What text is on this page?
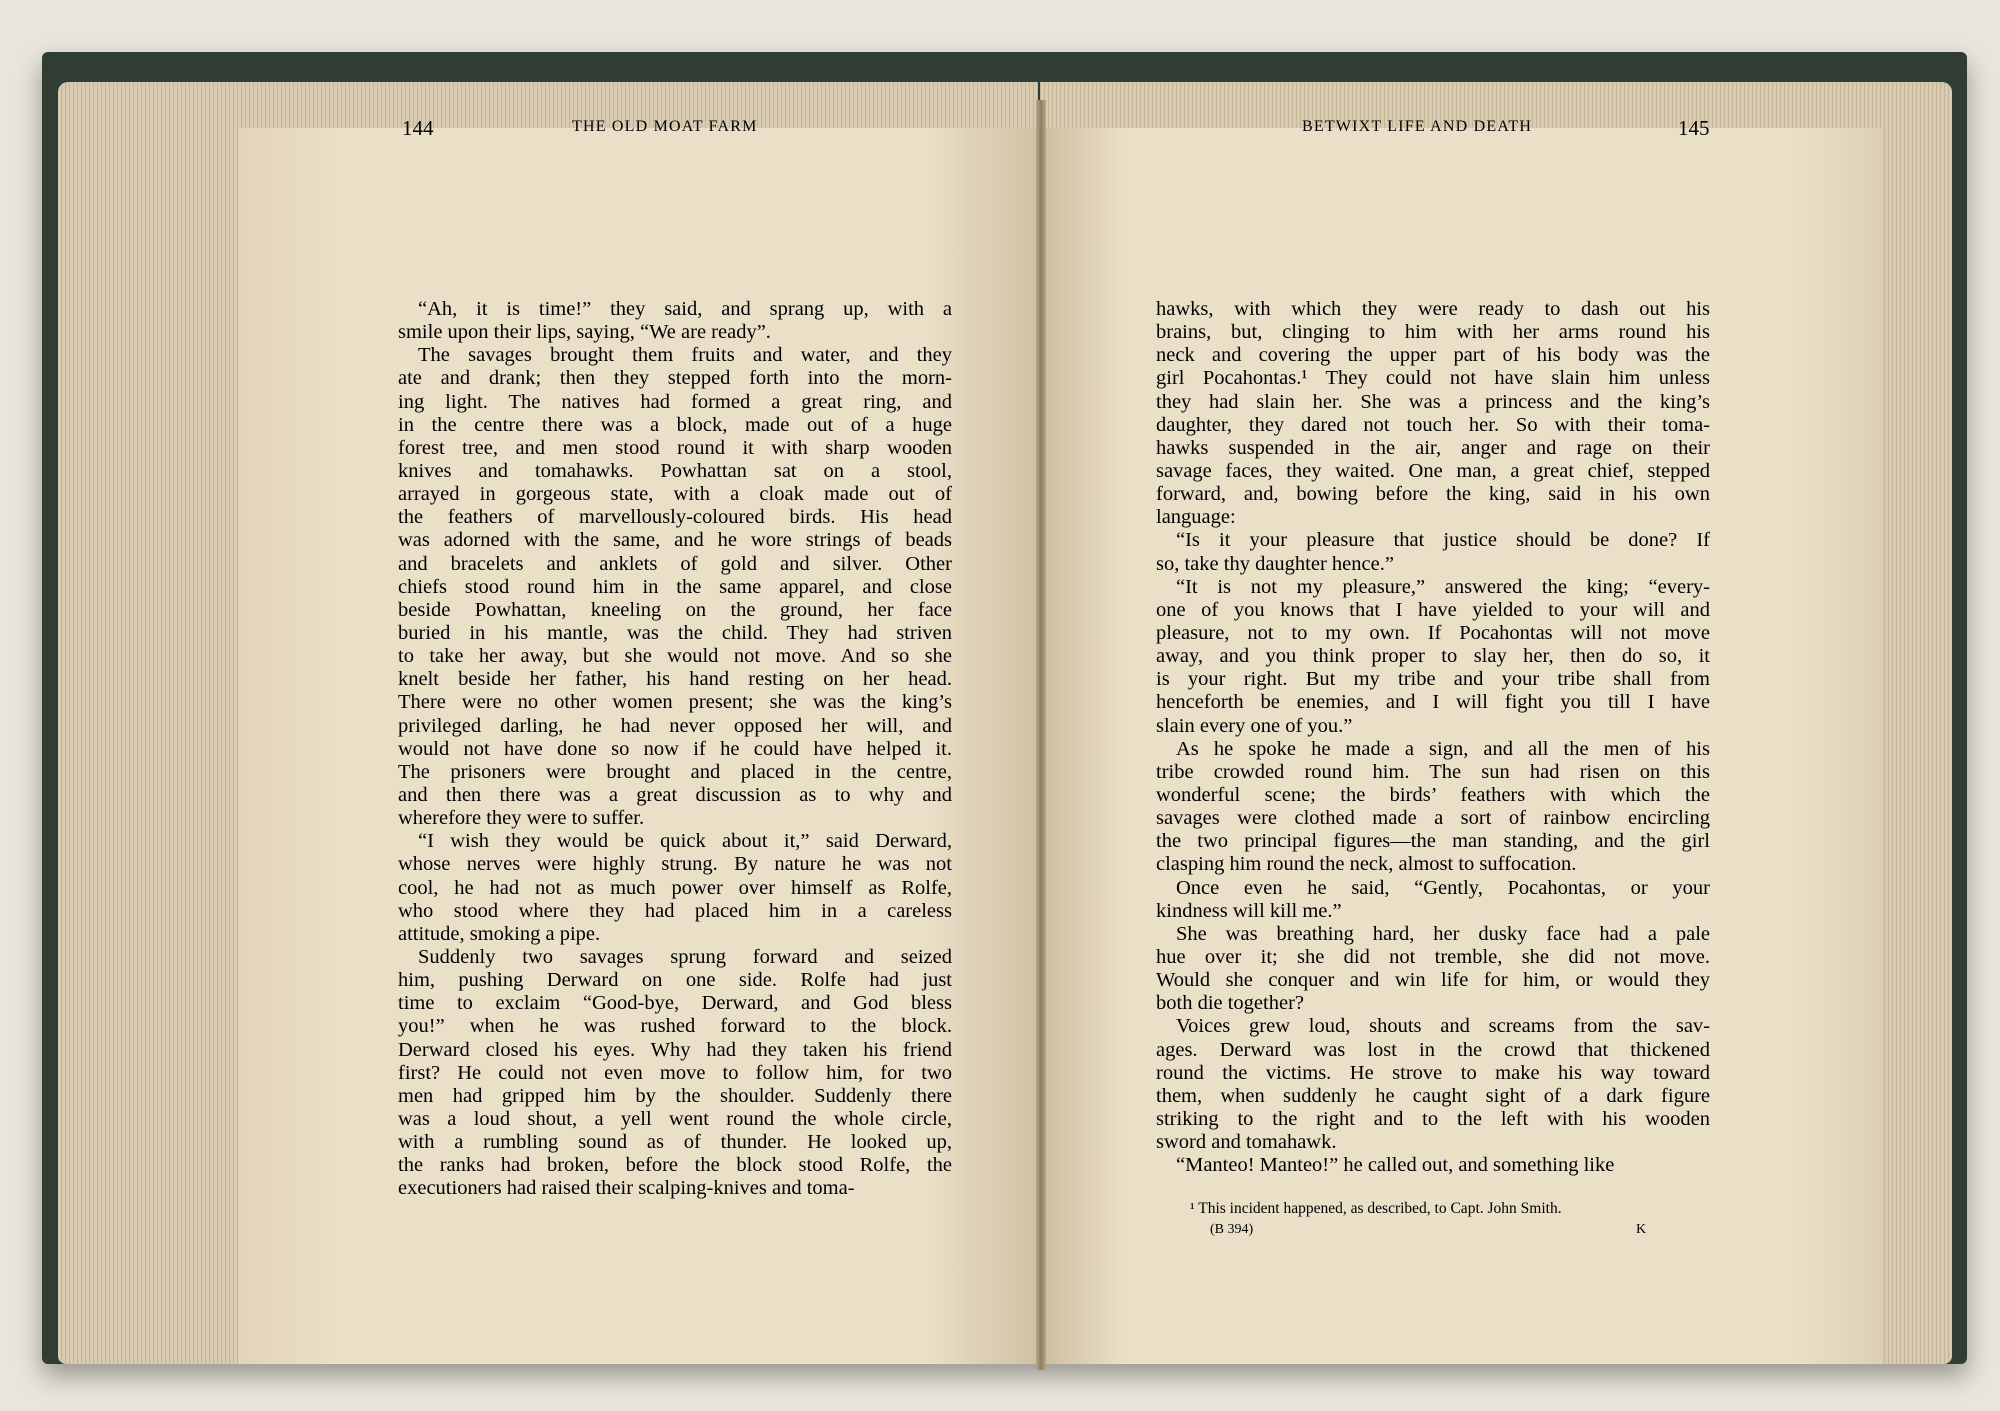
144	THE OLD MOAT FARM	BETWIXT LIFE AND DEATH	145
“Ah, it is time!” they said, and sprang up, with a
smile upon their lips, saying, “We are ready”.
The savages brought them fruits and water, and they
ate and drank; then they stepped forth into the morn-
ing light. The natives had formed a great ring, and
in the centre there was a block, made out of a huge
forest tree, and men stood round it with sharp wooden
knives and tomahawks. Powhattan sat on a stool,
arrayed in gorgeous state, with a cloak made out of
the feathers of marvellously-coloured birds. His head
was adorned with the same, and he wore strings of beads
and bracelets and anklets of gold and silver. Other
chiefs stood round him in the same apparel, and close
beside Powhattan, kneeling on the ground, her face
buried in his mantle, was the child. They had striven
to take her away, but she would not move. And so she
knelt beside her father, his hand resting on her head.
There were no other women present; she was the king’s
privileged darling, he had never opposed her will, and
would not have done so now if he could have helped it.
The prisoners were brought and placed in the centre,
and then there was a great discussion as to why and
wherefore they were to suffer.
“I wish they would be quick about it,” said Derward,
whose nerves were highly strung. By nature he was not
cool, he had not as much power over himself as Rolfe,
who stood where they had placed him in a careless
attitude, smoking a pipe.
Suddenly two savages sprung forward and seized
him, pushing Derward on one side. Rolfe had just
time to exclaim “Good-bye, Derward, and God bless
you!” when he was rushed forward to the block.
Derward closed his eyes. Why had they taken his friend
first? He could not even move to follow him, for two
men had gripped him by the shoulder. Suddenly there
was a loud shout, a yell went round the whole circle,
with a rumbling sound as of thunder. He looked up,
the ranks had broken, before the block stood Rolfe, the
executioners had raised their scalping-knives and toma-
hawks, with which they were ready to dash out his
brains, but, clinging to him with her arms round his
neck and covering the upper part of his body was the
girl Pocahontas.¹ They could not have slain him unless
they had slain her. She was a princess and the king’s
daughter, they dared not touch her. So with their toma-
hawks suspended in the air, anger and rage on their
savage faces, they waited. One man, a great chief, stepped
forward, and, bowing before the king, said in his own
language:
“Is it your pleasure that justice should be done? If
so, take thy daughter hence.”
“It is not my pleasure,” answered the king; “every-
one of you knows that I have yielded to your will and
pleasure, not to my own. If Pocahontas will not move
away, and you think proper to slay her, then do so, it
is your right. But my tribe and your tribe shall from
henceforth be enemies, and I will fight you till I have
slain every one of you.”
As he spoke he made a sign, and all the men of his
tribe crowded round him. The sun had risen on this
wonderful scene; the birds’ feathers with which the
savages were clothed made a sort of rainbow encircling
the two principal figures—the man standing, and the girl
clasping him round the neck, almost to suffocation.
Once even he said, “Gently, Pocahontas, or your
kindness will kill me.”
She was breathing hard, her dusky face had a pale
hue over it; she did not tremble, she did not move.
Would she conquer and win life for him, or would they
both die together?
Voices grew loud, shouts and screams from the sav-
ages. Derward was lost in the crowd that thickened
round the victims. He strove to make his way toward
them, when suddenly he caught sight of a dark figure
striking to the right and to the left with his wooden
sword and tomahawk.
“Manteo! Manteo!” he called out, and something like
¹ This incident happened, as described, to Capt. John Smith.
(B 394)	K
